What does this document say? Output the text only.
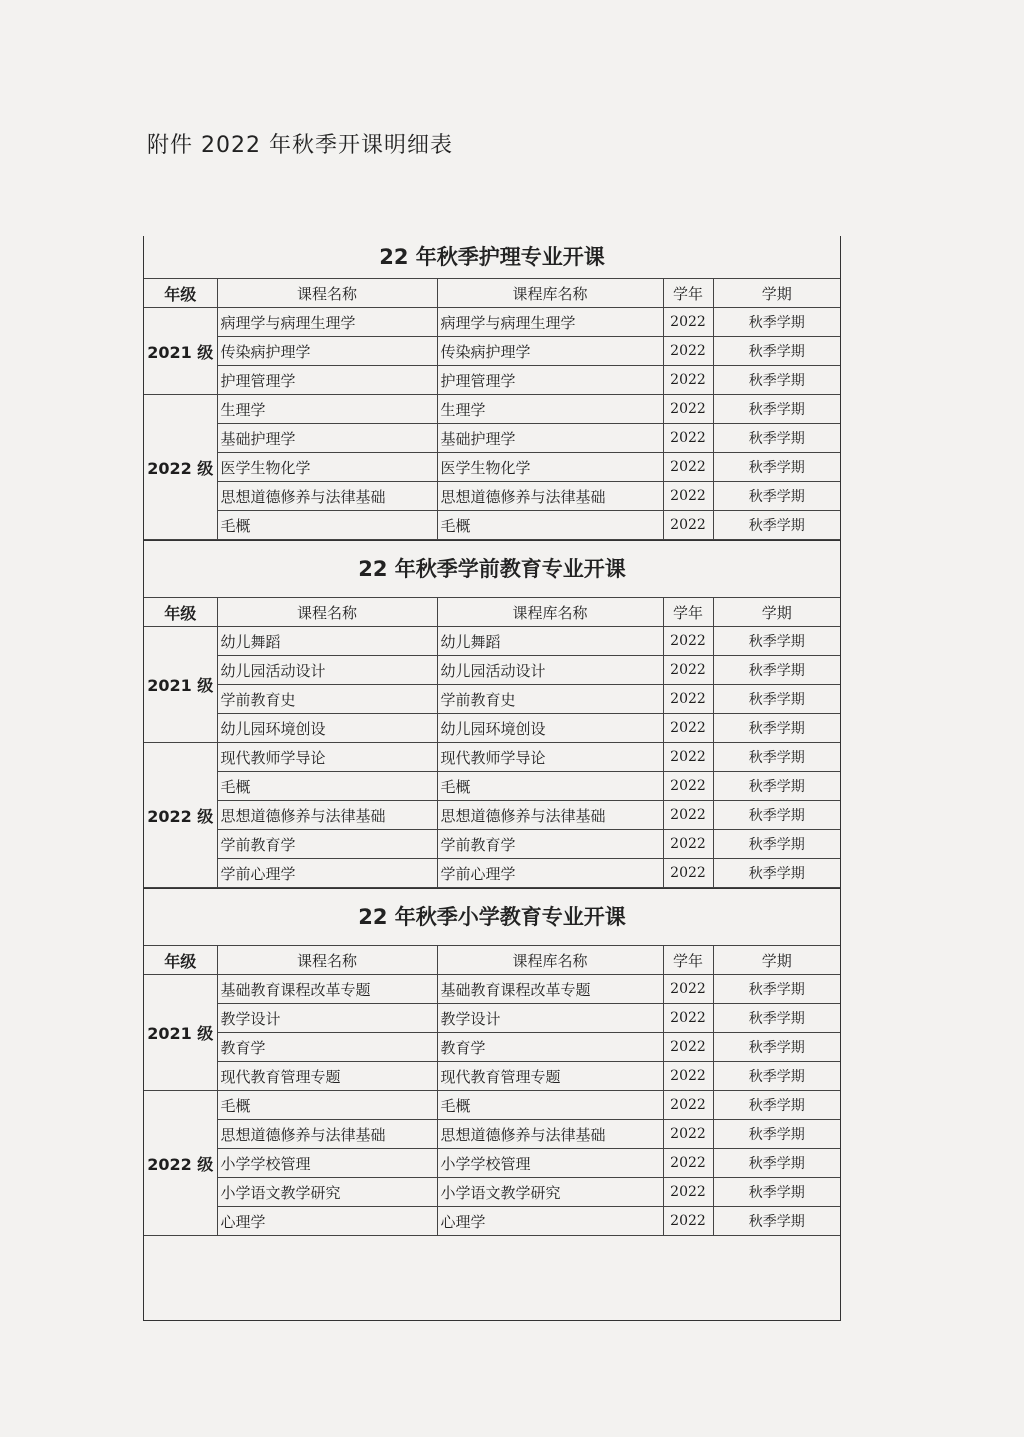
附件 2022 年秋季开课明细表
22 年秋季护理专业开课
年级	课程名称	课程库名称	学年	学期
2021 级	病理学与病理生理学	病理学与病理生理学	2022	秋季学期
	传染病护理学	传染病护理学	2022	秋季学期
	护理管理学	护理管理学	2022	秋季学期
2022 级	生理学	生理学	2022	秋季学期
	基础护理学	基础护理学	2022	秋季学期
	医学生物化学	医学生物化学	2022	秋季学期
	思想道德修养与法律基础	思想道德修养与法律基础	2022	秋季学期
	毛概	毛概	2022	秋季学期
22 年秋季学前教育专业开课
年级	课程名称	课程库名称	学年	学期
2021 级	幼儿舞蹈	幼儿舞蹈	2022	秋季学期
	幼儿园活动设计	幼儿园活动设计	2022	秋季学期
	学前教育史	学前教育史	2022	秋季学期
	幼儿园环境创设	幼儿园环境创设	2022	秋季学期
2022 级	现代教师学导论	现代教师学导论	2022	秋季学期
	毛概	毛概	2022	秋季学期
	思想道德修养与法律基础	思想道德修养与法律基础	2022	秋季学期
	学前教育学	学前教育学	2022	秋季学期
	学前心理学	学前心理学	2022	秋季学期
22 年秋季小学教育专业开课
年级	课程名称	课程库名称	学年	学期
2021 级	基础教育课程改革专题	基础教育课程改革专题	2022	秋季学期
	教学设计	教学设计	2022	秋季学期
	教育学	教育学	2022	秋季学期
	现代教育管理专题	现代教育管理专题	2022	秋季学期
2022 级	毛概	毛概	2022	秋季学期
	思想道德修养与法律基础	思想道德修养与法律基础	2022	秋季学期
	小学学校管理	小学学校管理	2022	秋季学期
	小学语文教学研究	小学语文教学研究	2022	秋季学期
	心理学	心理学	2022	秋季学期
